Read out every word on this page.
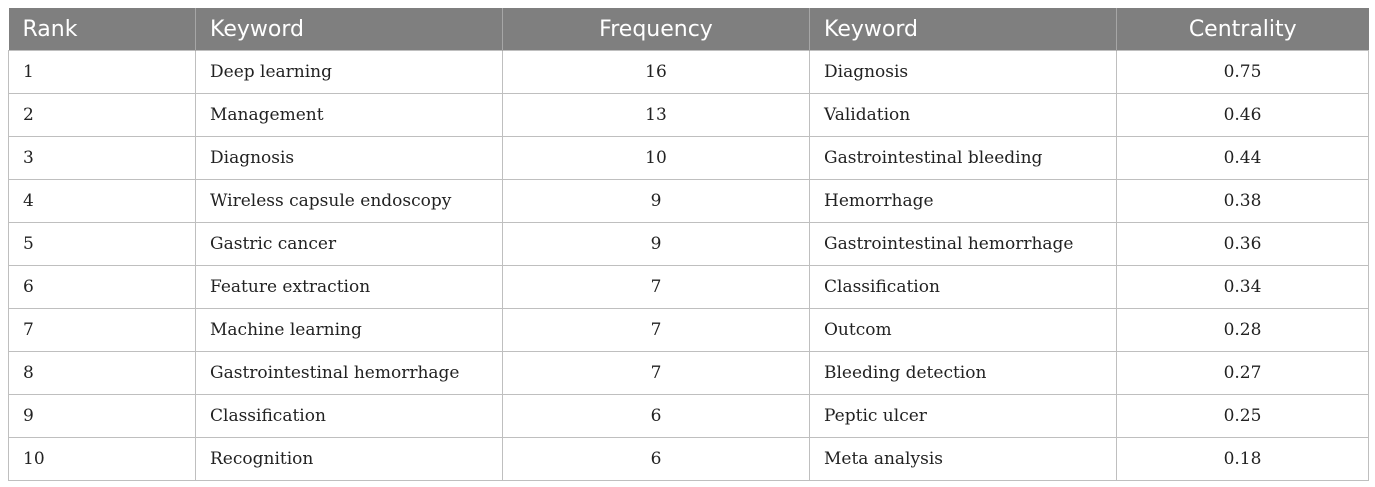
Rank	Keyword	Frequency	Keyword	Centrality
1	Deep learning	16	Diagnosis	0.75
2	Management	13	Validation	0.46
3	Diagnosis	10	Gastrointestinal bleeding	0.44
4	Wireless capsule endoscopy	9	Hemorrhage	0.38
5	Gastric cancer	9	Gastrointestinal hemorrhage	0.36
6	Feature extraction	7	Classification	0.34
7	Machine learning	7	Outcom	0.28
8	Gastrointestinal hemorrhage	7	Bleeding detection	0.27
9	Classification	6	Peptic ulcer	0.25
10	Recognition	6	Meta analysis	0.18
